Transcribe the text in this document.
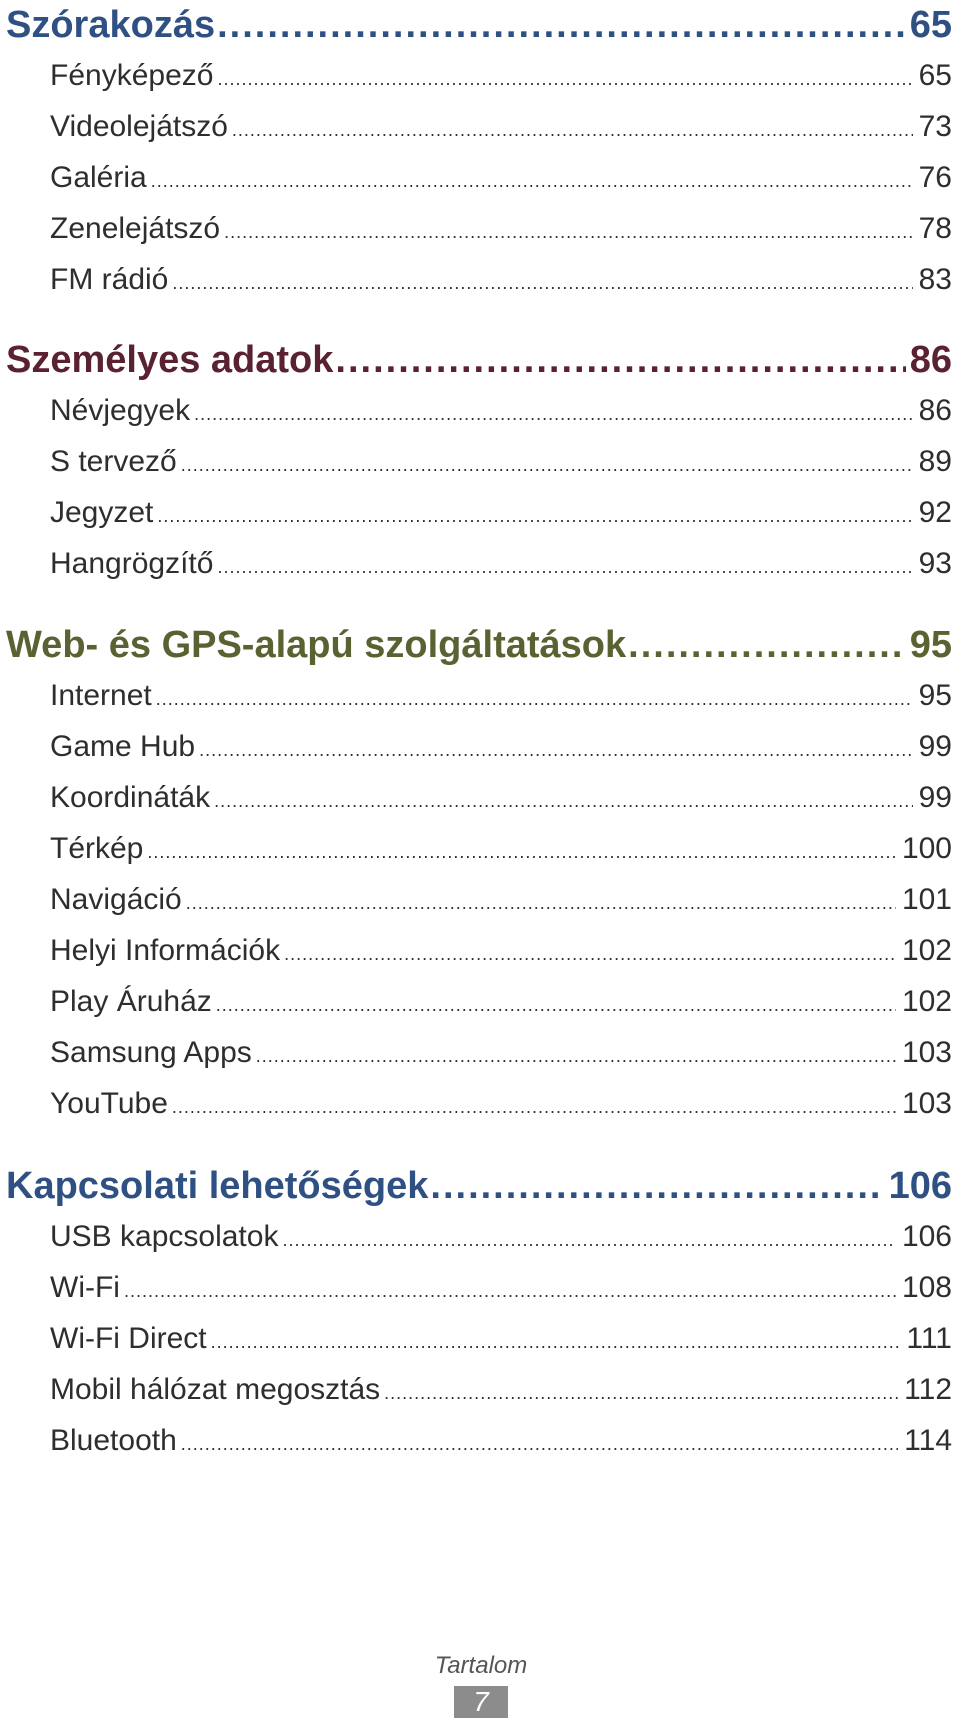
Szórakozás .....	65
Fényképező .....	65
Videolejátszó .....	73
Galéria .....	76
Zenelejátszó .....	78
FM rádió .....	83
Személyes adatok .....	86
Névjegyek .....	86
S tervező .....	89
Jegyzet .....	92
Hangrögzítő .....	93
Web- és GPS-alapú szolgáltatások .....	95
Internet .....	95
Game Hub .....	99
Koordináták .....	99
Térkép .....	100
Navigáció .....	101
Helyi Információk .....	102
Play Áruház .....	102
Samsung Apps .....	103
YouTube .....	103
Kapcsolati lehetőségek .....	106
USB kapcsolatok .....	106
Wi-Fi .....	108
Wi-Fi Direct .....	111
Mobil hálózat megosztás .....	112
Bluetooth .....	114
Tartalom
7
